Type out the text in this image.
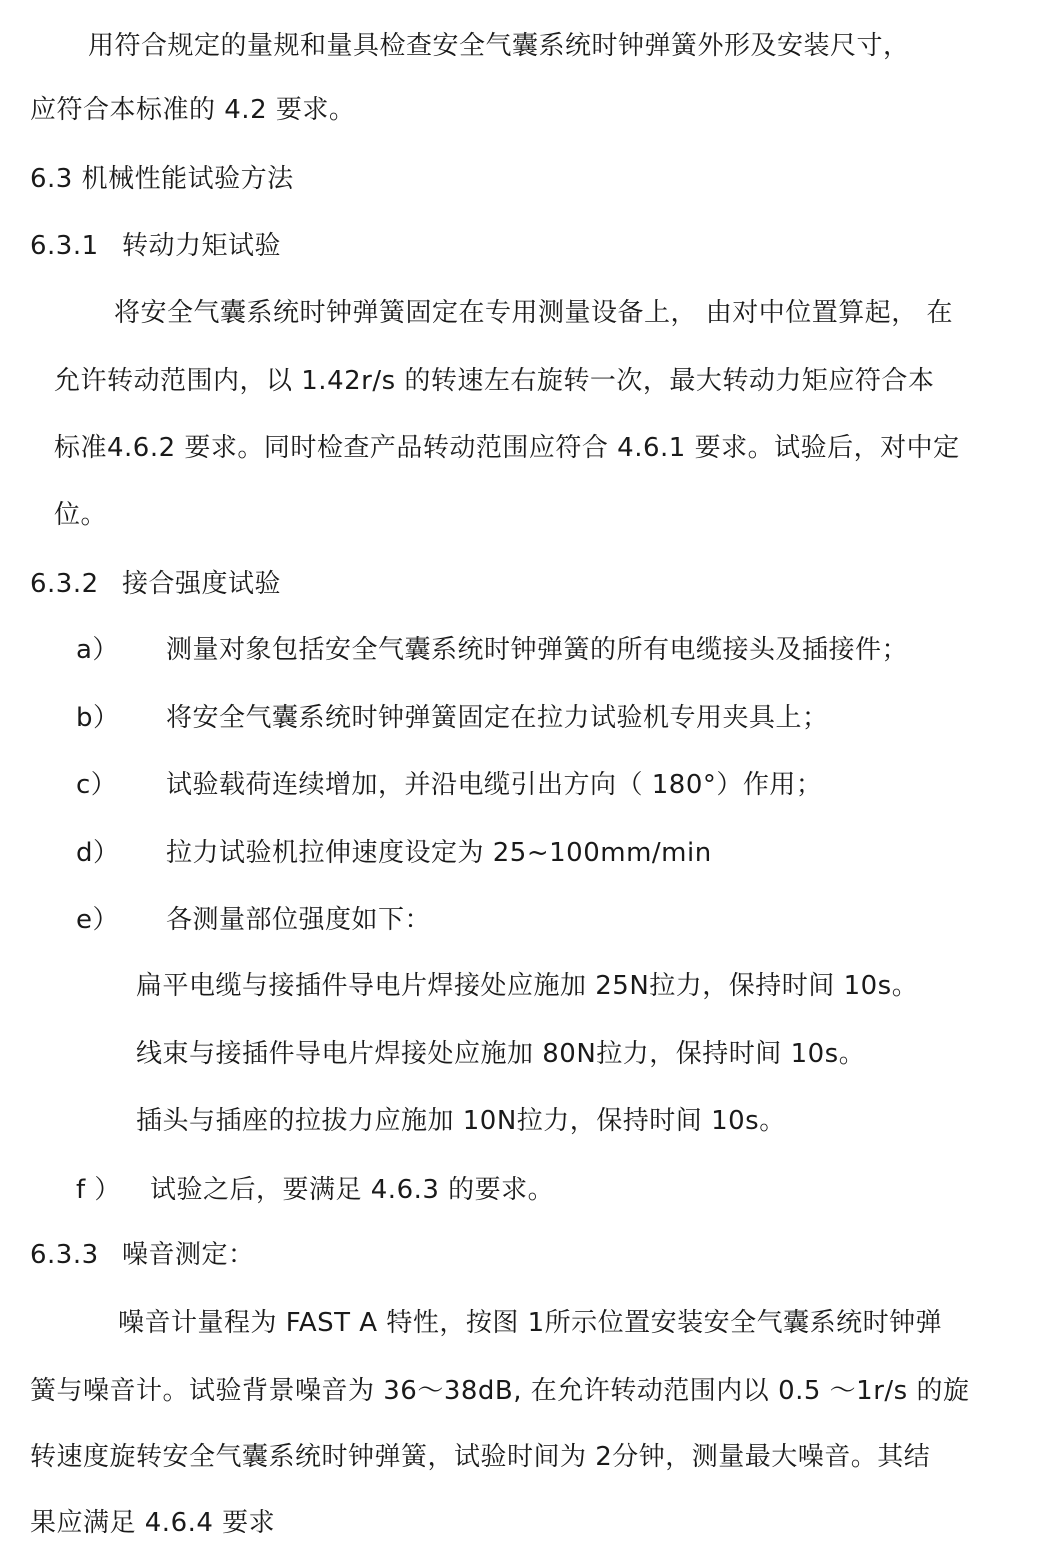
用符合规定的量规和量具检查安全气囊系统时钟弹簧外形及安装尺寸，
应符合本标准的 4.2 要求。
6.3 机械性能试验方法
6.3.1 转动力矩试验
将安全气囊系统时钟弹簧固定在专用测量设备上， 由对中位置算起， 在
允许转动范围内，以 1.42r/s 的转速左右旋转一次，最大转动力矩应符合本
标准4.6.2 要求。同时检查产品转动范围应符合 4.6.1 要求。试验后，对中定
位。
6.3.2 接合强度试验
a） 测量对象包括安全气囊系统时钟弹簧的所有电缆接头及插接件；
b） 将安全气囊系统时钟弹簧固定在拉力试验机专用夹具上；
c） 试验载荷连续增加，并沿电缆引出方向（ 180°）作用；
d） 拉力试验机拉伸速度设定为 25~100mm/min
e） 各测量部位强度如下：
扁平电缆与接插件导电片焊接处应施加 25N拉力，保持时间 10s。
线束与接插件导电片焊接处应施加 80N拉力，保持时间 10s。
插头与插座的拉拔力应施加 10N拉力，保持时间 10s。
f ） 试验之后，要满足 4.6.3 的要求。
6.3.3 噪音测定：
噪音计量程为 FAST A 特性，按图 1所示位置安装安全气囊系统时钟弹
簧与噪音计。试验背景噪音为 36～38dB, 在允许转动范围内以 0.5 ～1r/s 的旋
转速度旋转安全气囊系统时钟弹簧，试验时间为 2分钟，测量最大噪音。其结
果应满足 4.6.4 要求
